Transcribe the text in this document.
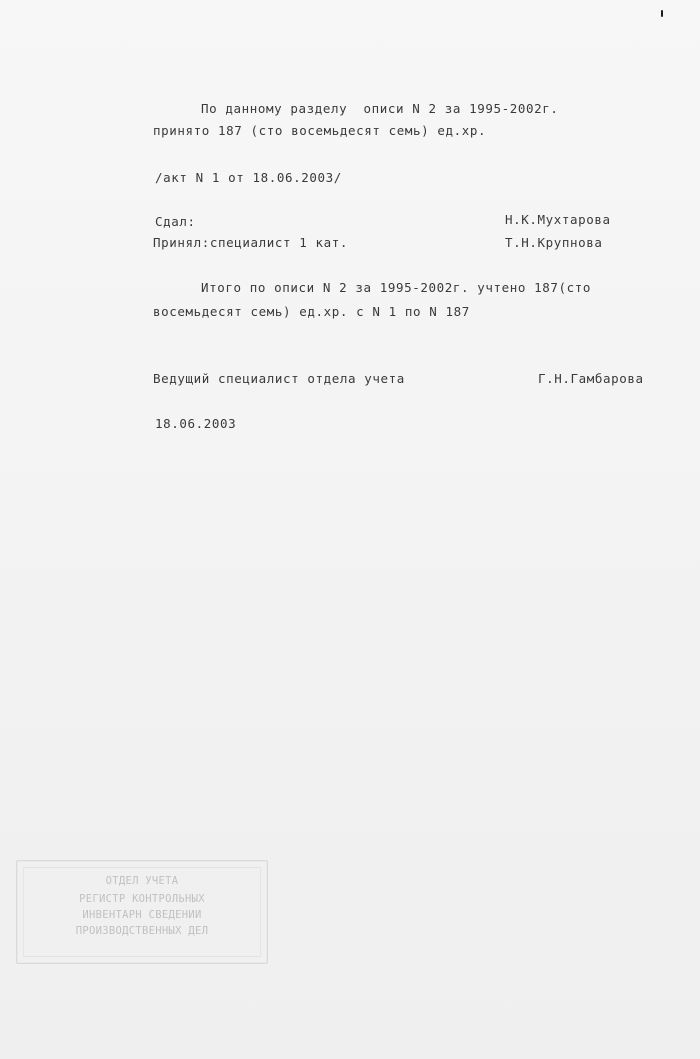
По данному разделу  описи N 2 за 1995-2002г.
принято 187 (сто восемьдесят семь) ед.хр.
/акт N 1 от 18.06.2003/
Сдал:	Н.К.Мухтарова
Принял:специалист 1 кат.	Т.Н.Крупнова
Итого по описи N 2 за 1995-2002г. учтено 187(сто
восемьдесят семь) ед.хр. с N 1 по N 187
Ведущий специалист отдела учета	Г.Н.Гамбарова
18.06.2003
ОТДЕЛ УЧЕТА
РЕГИСТР КОНТРОЛЬНЫХ
ИНВЕНТАРН СВЕДЕНИЙ
ПРОИЗВОДСТВЕННЫХ ДЕЛ
